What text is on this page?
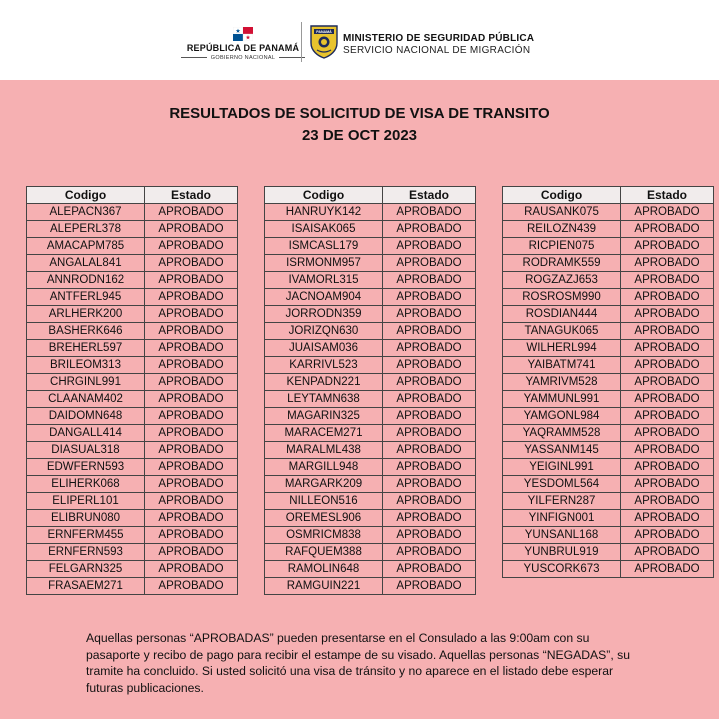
REPÚBLICA DE PANAMÁ
GOBIERNO NACIONAL
PANAMÁ
MINISTERIO DE SEGURIDAD PÚBLICA
SERVICIO NACIONAL DE MIGRACIÓN
RESULTADOS DE SOLICITUD DE VISA DE TRANSITO
23 DE OCT 2023
Codigo	Estado
ALEPACN367	APROBADO
ALEPERL378	APROBADO
AMACAPM785	APROBADO
ANGALAL841	APROBADO
ANNRODN162	APROBADO
ANTFERL945	APROBADO
ARLHERK200	APROBADO
BASHERK646	APROBADO
BREHERL597	APROBADO
BRILEOM313	APROBADO
CHRGINL991	APROBADO
CLAANAM402	APROBADO
DAIDOMN648	APROBADO
DANGALL414	APROBADO
DIASUAL318	APROBADO
EDWFERN593	APROBADO
ELIHERK068	APROBADO
ELIPERL101	APROBADO
ELIBRUN080	APROBADO
ERNFERM455	APROBADO
ERNFERN593	APROBADO
FELGARN325	APROBADO
FRASAEM271	APROBADO
Codigo	Estado
HANRUYK142	APROBADO
ISAISAK065	APROBADO
ISMCASL179	APROBADO
ISRMONM957	APROBADO
IVAMORL315	APROBADO
JACNOAM904	APROBADO
JORRODN359	APROBADO
JORIZQN630	APROBADO
JUAISAM036	APROBADO
KARRIVL523	APROBADO
KENPADN221	APROBADO
LEYTAMN638	APROBADO
MAGARIN325	APROBADO
MARACEM271	APROBADO
MARALML438	APROBADO
MARGILL948	APROBADO
MARGARK209	APROBADO
NILLEON516	APROBADO
OREMESL906	APROBADO
OSMRICM838	APROBADO
RAFQUEM388	APROBADO
RAMOLIN648	APROBADO
RAMGUIN221	APROBADO
Codigo	Estado
RAUSANK075	APROBADO
REILOZN439	APROBADO
RICPIEN075	APROBADO
RODRAMK559	APROBADO
ROGZAZJ653	APROBADO
ROSROSM990	APROBADO
ROSDIAN444	APROBADO
TANAGUK065	APROBADO
WILHERL994	APROBADO
YAIBATM741	APROBADO
YAMRIVM528	APROBADO
YAMMUNL991	APROBADO
YAMGONL984	APROBADO
YAQRAMM528	APROBADO
YASSANM145	APROBADO
YEIGINL991	APROBADO
YESDOML564	APROBADO
YILFERN287	APROBADO
YINFIGN001	APROBADO
YUNSANL168	APROBADO
YUNBRUL919	APROBADO
YUSCORK673	APROBADO
Aquellas personas “APROBADAS” pueden presentarse en el Consulado a las 9:00am con su pasaporte y recibo de pago para recibir el estampe de su visado. Aquellas personas “NEGADAS”, su tramite ha concluido. Si usted solicitó una visa de tránsito y no aparece en el listado debe esperar futuras publicaciones.
